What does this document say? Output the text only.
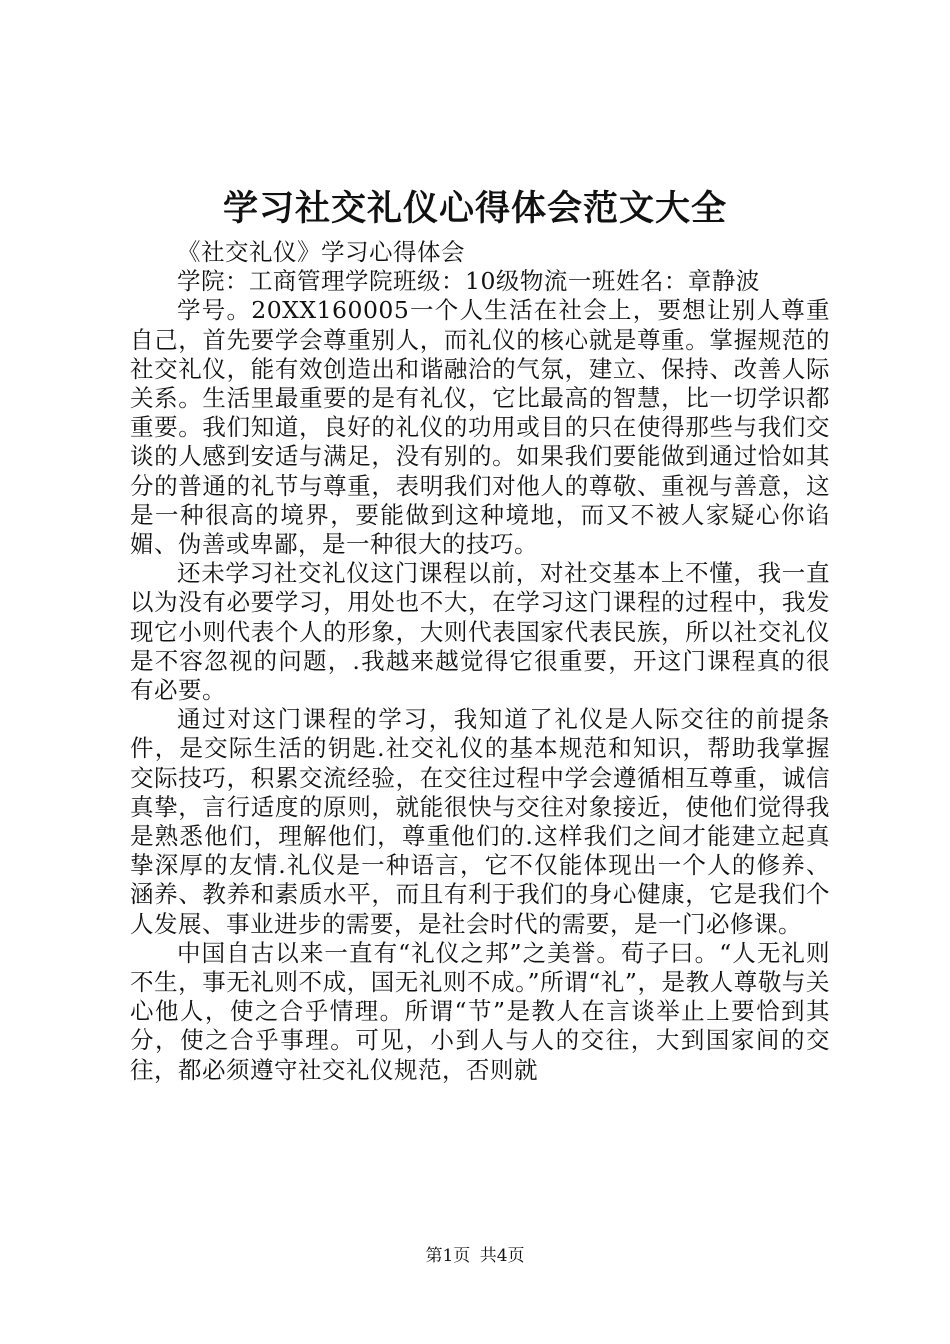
学习社交礼仪心得体会范文大全

《社交礼仪》学习心得体会

学院：工商管理学院班级：10级物流一班姓名：章静波

学号。20XX160005一个人生活在社会上，要想让别人尊重自己，首先要学会尊重别人，而礼仪的核心就是尊重。掌握规范的社交礼仪，能有效创造出和谐融洽的气氛，建立、保持、改善人际关系。生活里最重要的是有礼仪，它比最高的智慧，比一切学识都重要。我们知道，良好的礼仪的功用或目的只在使得那些与我们交谈的人感到安适与满足，没有别的。如果我们要能做到通过恰如其分的普通的礼节与尊重，表明我们对他人的尊敬、重视与善意，这是一种很高的境界，要能做到这种境地，而又不被人家疑心你谄媚、伪善或卑鄙，是一种很大的技巧。

还未学习社交礼仪这门课程以前，对社交基本上不懂，我一直以为没有必要学习，用处也不大，在学习这门课程的过程中，我发现它小则代表个人的形象，大则代表国家代表民族，所以社交礼仪是不容忽视的问题，.我越来越觉得它很重要，开这门课程真的很有必要。

通过对这门课程的学习，我知道了礼仪是人际交往的前提条件，是交际生活的钥匙.社交礼仪的基本规范和知识，帮助我掌握交际技巧，积累交流经验，在交往过程中学会遵循相互尊重，诚信真挚，言行适度的原则，就能很快与交往对象接近，使他们觉得我是熟悉他们，理解他们，尊重他们的.这样我们之间才能建立起真挚深厚的友情.礼仪是一种语言，它不仅能体现出一个人的修养、涵养、教养和素质水平，而且有利于我们的身心健康，它是我们个人发展、事业进步的需要，是社会时代的需要，是一门必修课。

中国自古以来一直有“礼仪之邦”之美誉。荀子曰。“人无礼则不生，事无礼则不成，国无礼则不成。”所谓“礼”，是教人尊敬与关心他人，使之合乎情理。所谓“节”是教人在言谈举止上要恰到其分，使之合乎事理。可见，小到人与人的交往，大到国家间的交往，都必须遵守社交礼仪规范，否则就

第1页 共4页
